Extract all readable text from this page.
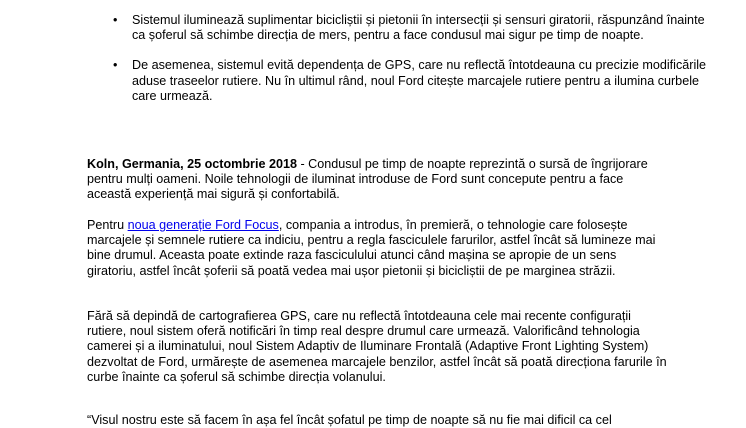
• Sistemul iluminează suplimentar bicicliștii și pietonii în intersecții și sensuri giratorii, răspunzând înainte ca șoferul să schimbe direcția de mers, pentru a face condusul mai sigur pe timp de noapte.
• De asemenea, sistemul evită dependența de GPS, care nu reflectă întotdeauna cu precizie modificările aduse traseelor rutiere. Nu în ultimul rând, noul Ford citește marcajele rutiere pentru a ilumina curbele care urmează.

Koln, Germania, 25 octombrie 2018 - Condusul pe timp de noapte reprezintă o sursă de îngrijorare pentru mulți oameni. Noile tehnologii de iluminat introduse de Ford sunt concepute pentru a face această experiență mai sigură și confortabilă.

Pentru noua generație Ford Focus, compania a introdus, în premieră, o tehnologie care folosește marcajele și semnele rutiere ca indiciu, pentru a regla fasciculele farurilor, astfel încât să lumineze mai bine drumul. Aceasta poate extinde raza fasciculului atunci când mașina se apropie de un sens giratoriu, astfel încât șoferii să poată vedea mai ușor pietonii și bicicliștii de pe marginea străzii.

Fără să depindă de cartografierea GPS, care nu reflectă întotdeauna cele mai recente configurații rutiere, noul sistem oferă notificări în timp real despre drumul care urmează. Valorificând tehnologia camerei și a iluminatului, noul Sistem Adaptiv de Iluminare Frontală (Adaptive Front Lighting System) dezvoltat de Ford, urmărește de asemenea marcajele benzilor, astfel încât să poată direcționa farurile în curbe înainte ca șoferul să schimbe direcția volanului.

“Visul nostru este să facem în așa fel încât șofatul pe timp de noapte să nu fie mai dificil ca cel
